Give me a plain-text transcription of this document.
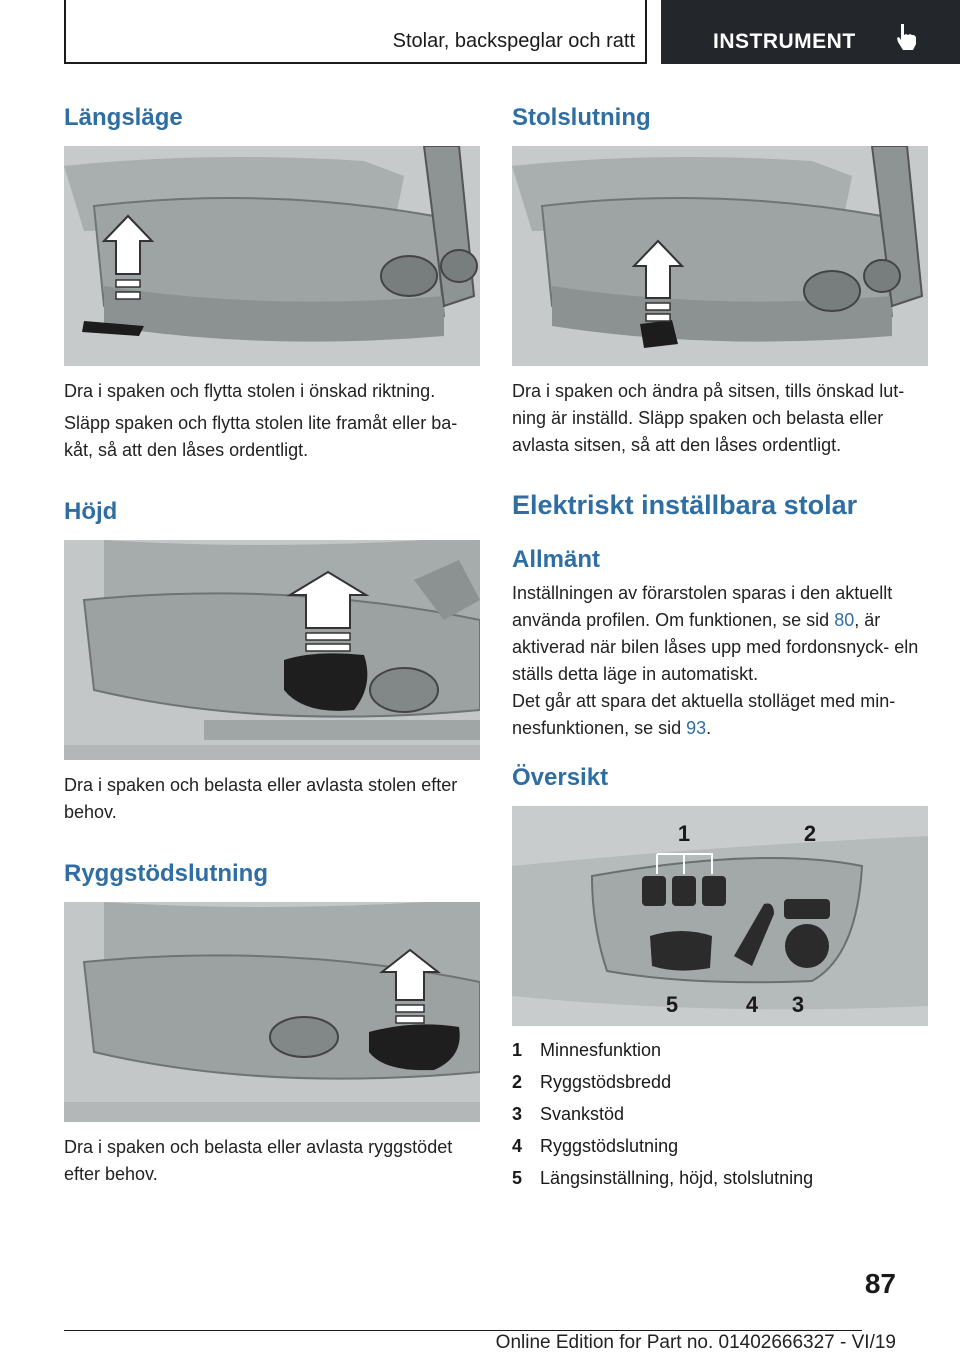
Stolar, backspeglar och ratt	INSTRUMENT
Längsläge

Dra i spaken och flytta stolen i önskad riktning.

Släpp spaken och flytta stolen lite framåt eller ba‐ kåt, så att den låses ordentligt.

Höjd

Dra i spaken och belasta eller avlasta stolen efter behov.

Ryggstödslutning

Dra i spaken och belasta eller avlasta ryggstödet efter behov.

Stolslutning

Dra i spaken och ändra på sitsen, tills önskad lut‐ ning är inställd. Släpp spaken och belasta eller avlasta sitsen, så att den låses ordentligt.

Elektriskt inställbara stolar
Allmänt

Inställningen av förarstolen sparas i den aktuellt använda profilen. Om funktionen, se sid 80, är aktiverad när bilen låses upp med fordonsnyck‐ eln ställs detta läge in automatiskt.

Det går att spara det aktuella stolläget med min‐ nesfunktionen, se sid 93.

Översikt
1	2
5	4 3
1 Minnesfunktion
2 Ryggstödsbredd
3 Svankstöd
4 Ryggstödslutning
5 Längsinställning, höjd, stolslutning
87
Online Edition for Part no. 01402666327 - VI/19
